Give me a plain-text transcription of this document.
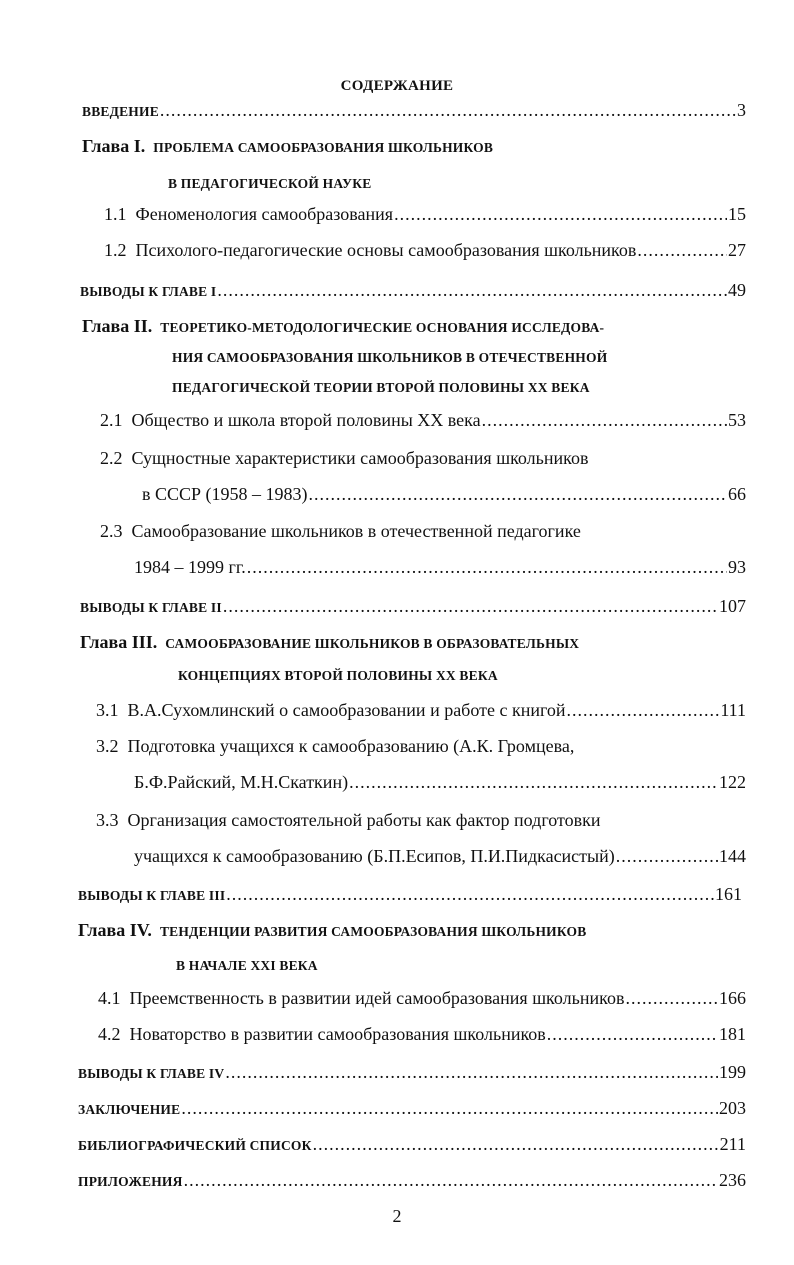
СОДЕРЖАНИЕ
ВВЕДЕНИЕ .....	3
Глава I. ПРОБЛЕМА САМООБРАЗОВАНИЯ ШКОЛЬНИКОВ
В ПЕДАГОГИЧЕСКОЙ НАУКЕ
1.1 Феноменология самообразования .....	15
1.2 Психолого-педагогические основы самообразования школьников .....	27
ВЫВОДЫ К ГЛАВЕ I .....	49
Глава II. ТЕОРЕТИКО-МЕТОДОЛОГИЧЕСКИЕ ОСНОВАНИЯ ИССЛЕДОВА-
НИЯ САМООБРАЗОВАНИЯ ШКОЛЬНИКОВ В ОТЕЧЕСТВЕННОЙ
ПЕДАГОГИЧЕСКОЙ ТЕОРИИ ВТОРОЙ ПОЛОВИНЫ XX ВЕКА
2.1 Общество и школа второй половины XX века .....	53
2.2 Сущностные характеристики самообразования школьников
в СССР (1958 – 1983) .....	66
2.3 Самообразование школьников в отечественной педагогике
1984 – 1999 гг. .....	93
ВЫВОДЫ К ГЛАВЕ II .....	107
Глава III. САМООБРАЗОВАНИЕ ШКОЛЬНИКОВ В ОБРАЗОВАТЕЛЬНЫХ
КОНЦЕПЦИЯХ ВТОРОЙ ПОЛОВИНЫ XX ВЕКА
3.1 В.А.Сухомлинский о самообразовании и работе с книгой .....	111
3.2 Подготовка учащихся к самообразованию (А.К. Громцева,
Б.Ф.Райский, М.Н.Скаткин) .....	122
3.3 Организация самостоятельной работы как фактор подготовки
учащихся к самообразованию (Б.П.Есипов, П.И.Пидкасистый) .....	144
ВЫВОДЫ К ГЛАВЕ III .....	161
Глава IV. ТЕНДЕНЦИИ РАЗВИТИЯ САМООБРАЗОВАНИЯ ШКОЛЬНИКОВ
В НАЧАЛЕ XXI ВЕКА
4.1 Преемственность в развитии идей самообразования школьников .....	166
4.2 Новаторство в развитии самообразования школьников .....	181
ВЫВОДЫ К ГЛАВЕ IV .....	199
ЗАКЛЮЧЕНИЕ .....	203
БИБЛИОГРАФИЧЕСКИЙ СПИСОК .....	211
ПРИЛОЖЕНИЯ .....	236
2
